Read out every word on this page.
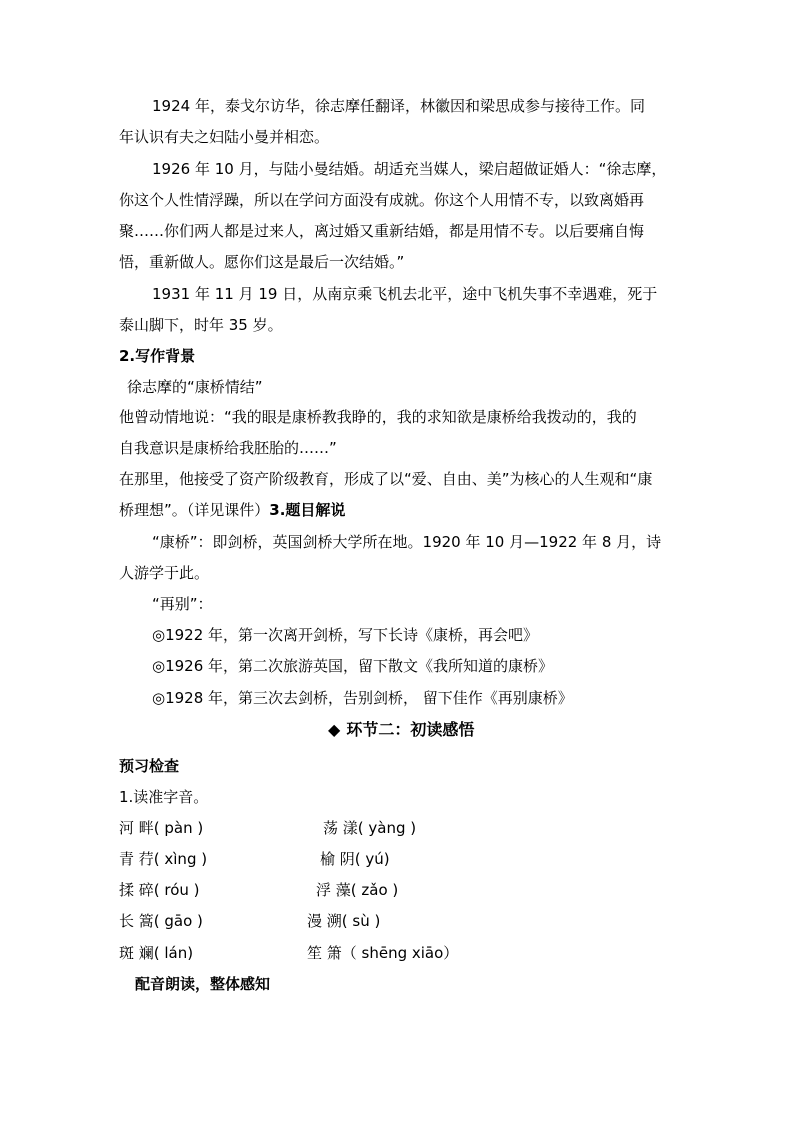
1924 年，泰戈尔访华，徐志摩任翻译，林徽因和梁思成参与接待工作。同
年认识有夫之妇陆小曼并相恋。
1926 年 10 月，与陆小曼结婚。胡适充当媒人，梁启超做证婚人：“徐志摩，
你这个人性情浮躁，所以在学问方面没有成就。你这个人用情不专，以致离婚再
聚……你们两人都是过来人，离过婚又重新结婚，都是用情不专。以后要痛自悔
悟，重新做人。愿你们这是最后一次结婚。”
1931 年 11 月 19 日，从南京乘飞机去北平，途中飞机失事不幸遇难，死于
泰山脚下，时年 35 岁。
2.写作背景
徐志摩的“康桥情结”
他曾动情地说：“我的眼是康桥教我睁的，我的求知欲是康桥给我拨动的，我的
自我意识是康桥给我胚胎的……”
在那里，他接受了资产阶级教育，形成了以“爱、自由、美”为核心的人生观和“康
桥理想”。（详见课件）3.题目解说
“康桥”：即剑桥，英国剑桥大学所在地。1920 年 10 月—1922 年 8 月，诗
人游学于此。
“再别”：
◎1922 年，第一次离开剑桥，写下长诗《康桥，再会吧》
◎1926 年，第二次旅游英国，留下散文《我所知道的康桥》
◎1928 年，第三次去剑桥，告别剑桥， 留下佳作《再别康桥》
◆ 环节二：初读感悟
预习检查
1.读准字音。
河 畔( pàn )	荡 漾( yàng )
青 荇( xìng )	榆 阴( yú)
揉 碎( róu )	浮 藻( zǎo )
长 篙( gāo )	漫 溯( sù )
斑 斓( lán)	笙 箫（ shēng xiāo）
配音朗读，整体感知
